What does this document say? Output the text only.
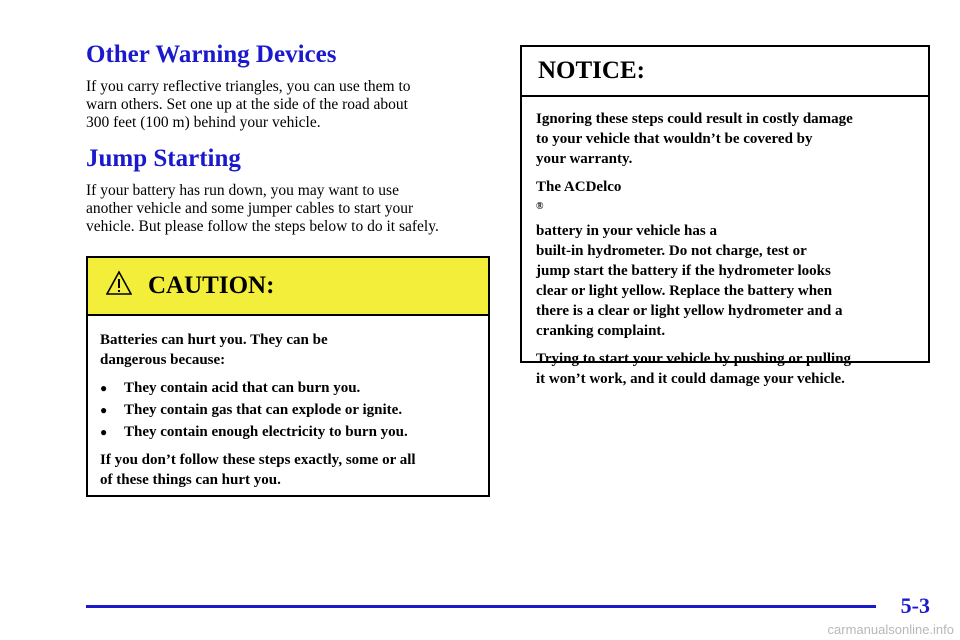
Other Warning Devices

If you carry reflective triangles, you can use them to
warn others. Set one up at the side of the road about
300 feet (100 m) behind your vehicle.

Jump Starting

If your battery has run down, you may want to use
another vehicle and some jumper cables to start your
vehicle. But please follow the steps below to do it safely.

CAUTION:

Batteries can hurt you. They can be
dangerous because:

●	They contain acid that can burn you.
●	They contain gas that can explode or ignite.
●	They contain enough electricity to burn you.

If you don’t follow these steps exactly, some or all
of these things can hurt you.

NOTICE:

Ignoring these steps could result in costly damage
to your vehicle that wouldn’t be covered by
your warranty.

The ACDelco
®
battery in your vehicle has a
built-in hydrometer. Do not charge, test or
jump start the battery if the hydrometer looks
clear or light yellow. Replace the battery when
there is a clear or light yellow hydrometer and a
cranking complaint.

Trying to start your vehicle by pushing or pulling
it won’t work, and it could damage your vehicle.

5-3
carmanualsonline.info
